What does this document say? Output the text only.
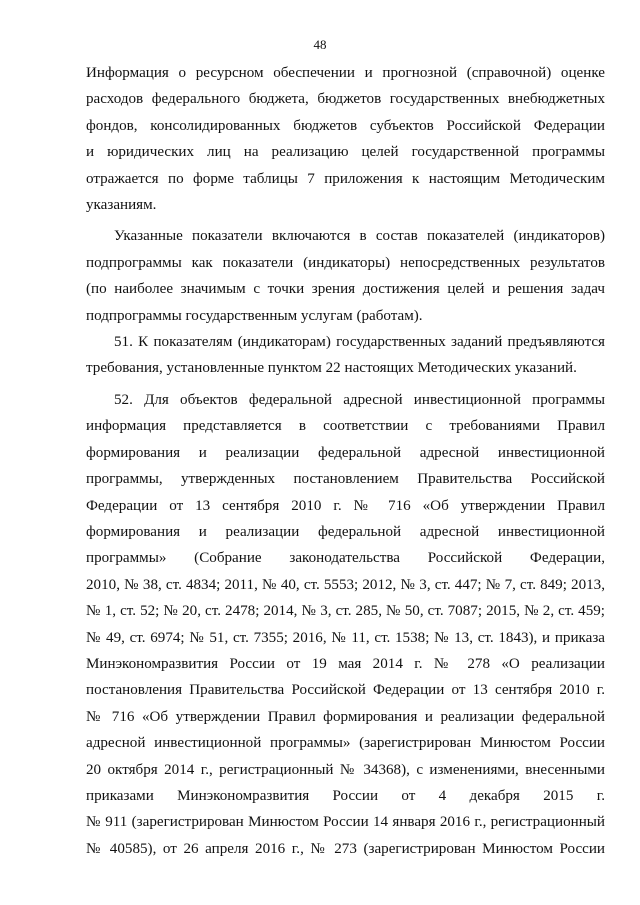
48
Информация о ресурсном обеспечении и прогнозной (справочной) оценке
расходов федерального бюджета, бюджетов государственных внебюджетных
фондов, консолидированных бюджетов субъектов Российской Федерации
и юридических лиц на реализацию целей государственной программы
отражается по форме таблицы 7 приложения к настоящим Методическим
указаниям.
Указанные показатели включаются в состав показателей (индикаторов)
подпрограммы как показатели (индикаторы) непосредственных результатов
(по наиболее значимым с точки зрения достижения целей и решения задач
подпрограммы государственным услугам (работам).
51. К показателям (индикаторам) государственных заданий предъявляются
требования, установленные пунктом 22 настоящих Методических указаний.
52. Для объектов федеральной адресной инвестиционной программы
информация представляется в соответствии с требованиями Правил
формирования и реализации федеральной адресной инвестиционной
программы, утвержденных постановлением Правительства Российской
Федерации от 13 сентября 2010 г. № 716 «Об утверждении Правил
формирования и реализации федеральной адресной инвестиционной
программы» (Собрание законодательства Российской Федерации,
2010, № 38, ст. 4834; 2011, № 40, ст. 5553; 2012, № 3, ст. 447; № 7, ст. 849; 2013,
№ 1, ст. 52; № 20, ст. 2478; 2014, № 3, ст. 285, № 50, ст. 7087; 2015, № 2, ст. 459;
№ 49, ст. 6974; № 51, ст. 7355; 2016, № 11, ст. 1538; № 13, ст. 1843), и приказа
Минэкономразвития России от 19 мая 2014 г. № 278 «О реализации
постановления Правительства Российской Федерации от 13 сентября 2010 г.
№ 716 «Об утверждении Правил формирования и реализации федеральной
адресной инвестиционной программы» (зарегистрирован Минюстом России
20 октября 2014 г., регистрационный № 34368), с изменениями, внесенными
приказами Минэкономразвития России от 4 декабря 2015 г.
№ 911 (зарегистрирован Минюстом России 14 января 2016 г., регистрационный
№ 40585), от 26 апреля 2016 г., № 273 (зарегистрирован Минюстом России
